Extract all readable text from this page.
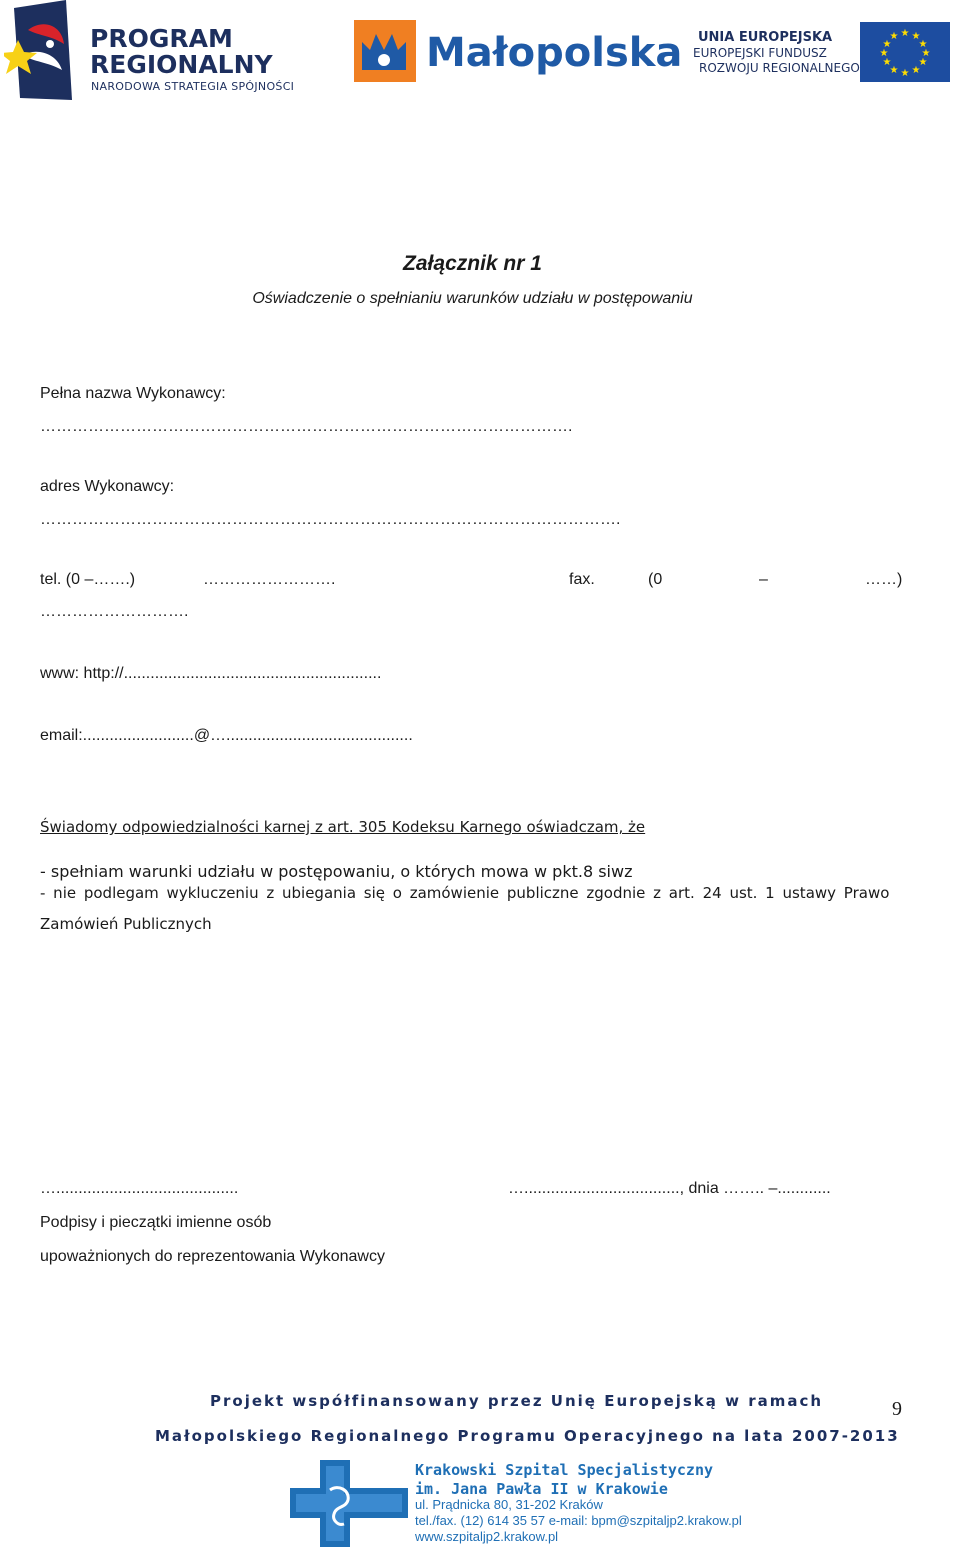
PROGRAM
REGIONALNY
NARODOWA STRATEGIA SPÓJNOŚCI
Małopolska UNIA EUROPEJSKA
EUROPEJSKI FUNDUSZ
ROZWOJU REGIONALNEGO
★ ★
★
★
★
★
★
★
★
★
★
★
Załącznik nr 1
Oświadczenie o spełnianiu warunków udziału w postępowaniu
Pełna nazwa Wykonawcy:
……………………………………………………………………………………….
adres Wykonawcy:
……………………………………………………………………………………………….
tel. (0 –…….)	…………………….	fax.	(0	–	……)
……………………….
www: http://..........................................................
email:.........................@…..........................................
Świadomy odpowiedzialności karnej z art. 305 Kodeksu Karnego oświadczam, że
- spełniam warunki udziału w postępowaniu, o których mowa w pkt.8 siwz
- nie podlegam wykluczeniu z ubiegania się o zamówienie publiczne zgodnie z art. 24 ust. 1 ustawy Prawo
Zamówień Publicznych
….........................................	…..................................., dnia …….. –............
Podpisy i pieczątki imienne osób
upoważnionych do reprezentowania Wykonawcy
Projekt współfinansowany przez Unię Europejską w ramach
Małopolskiego Regionalnego Programu Operacyjnego na lata 2007-2013
9
Krakowski Szpital Specjalistyczny
im. Jana Pawła II w Krakowie
ul. Prądnicka 80, 31-202 Kraków
tel./fax. (12) 614 35 57 e-mail: bpm@szpitaljp2.krakow.pl
www.szpitaljp2.krakow.pl
